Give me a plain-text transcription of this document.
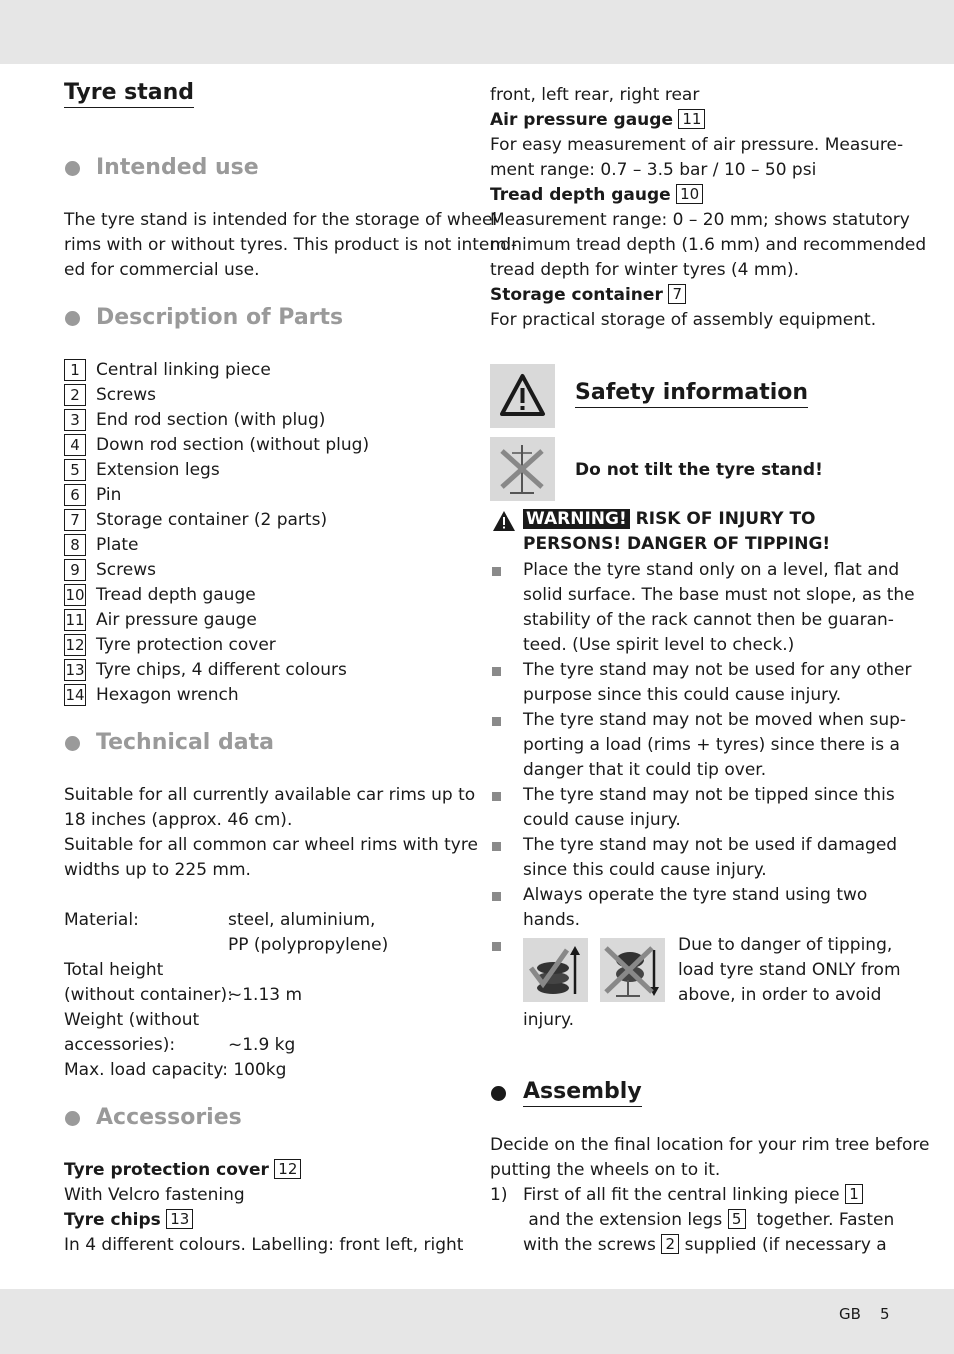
Tyre stand
Intended use
The tyre stand is intended for the storage of wheel
rims with or without tyres. This product is not intend-
ed for commercial use.
Description of Parts
1 Central linking piece
2 Screws
3 End rod section (with plug)
4 Down rod section (without plug)
5 Extension legs
6 Pin
7 Storage container (2 parts)
8 Plate
9 Screws
10 Tread depth gauge
11 Air pressure gauge
12 Tyre protection cover
13 Tyre chips, 4 different colours
14 Hexagon wrench
Technical data
Suitable for all currently available car rims up to
18 inches (approx. 46 cm).
Suitable for all common car wheel rims with tyre
widths up to 225 mm.
Material:	steel, aluminium,
PP (polypropylene)
Total height
(without container):
~1.13 m
Weight (without
accessories):	~1.9 kg
Max. load capacity: 100kg
Accessories
Tyre protection cover 12
With Velcro fastening
Tyre chips 13
In 4 different colours. Labelling: front left, right
front, left rear, right rear
Air pressure gauge 11
For easy measurement of air pressure. Measure-
ment range: 0.7 – 3.5 bar / 10 – 50 psi
Tread depth gauge 10
Measurement range: 0 – 20 mm; shows statutory
minimum tread depth (1.6 mm) and recommended
tread depth for winter tyres (4 mm).
Storage container 7
For practical storage of assembly equipment.
Safety information
Do not tilt the tyre stand!
WARNING! RISK OF INJURY TO
PERSONS! DANGER OF TIPPING!
Place the tyre stand only on a level, flat and
solid surface. The base must not slope, as the
stability of the rack cannot then be guaran-
teed. (Use spirit level to check.)
The tyre stand may not be used for any other
purpose since this could cause injury.
The tyre stand may not be moved when sup-
porting a load (rims + tyres) since there is a
danger that it could tip over.
The tyre stand may not be tipped since this
could cause injury.
The tyre stand may not be used if damaged
since this could cause injury.
Always operate the tyre stand using two
hands.
Due to danger of tipping,
load tyre stand ONLY from
above, in order to avoid
injury.
Assembly
Decide on the final location for your rim tree before
putting the wheels on to it.
1) First of all fit the central linking piece 1
and the extension legs 5 together. Fasten
with the screws 2 supplied (if necessary a
GB 5
